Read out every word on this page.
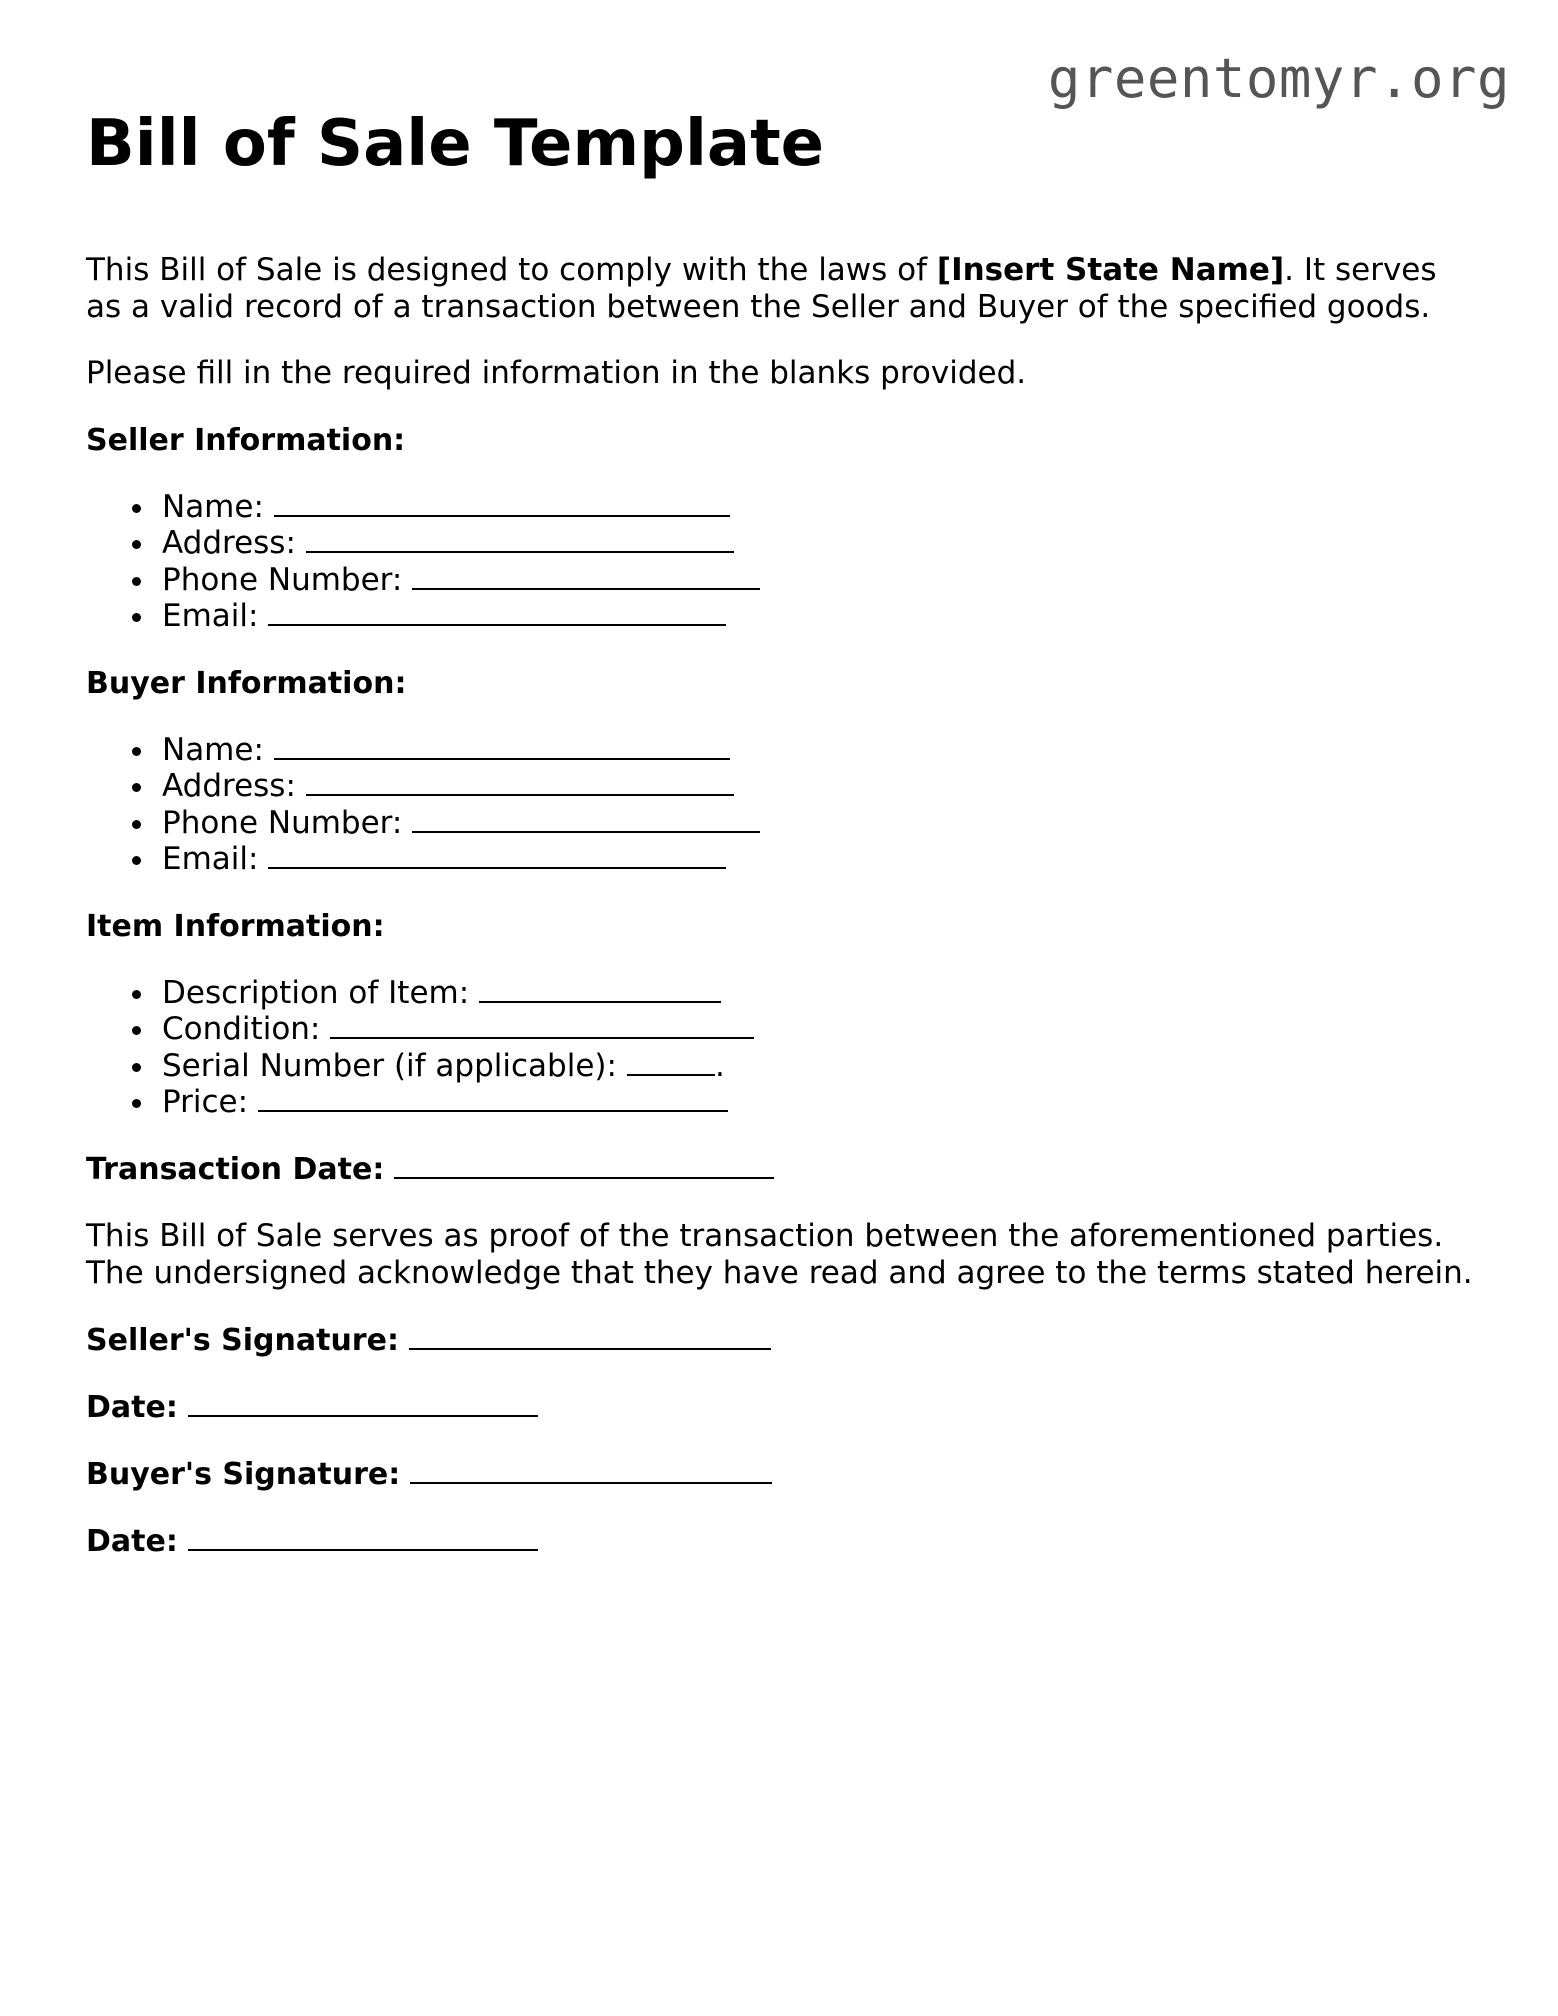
greentomyr.org
Bill of Sale Template

This Bill of Sale is designed to comply with the laws of [Insert State Name]. It serves as a valid record of a transaction between the Seller and Buyer of the specified goods.

Please fill in the required information in the blanks provided.

Seller Information:
Name:
Address:
Phone Number:
Email:
Buyer Information:
Name:
Address:
Phone Number:
Email:
Item Information:
Description of Item:
Condition:
Serial Number (if applicable):	.
Price:
Transaction Date:

This Bill of Sale serves as proof of the transaction between the aforementioned parties. The undersigned acknowledge that they have read and agree to the terms stated herein.

Seller's Signature:
Date:
Buyer's Signature:
Date:
